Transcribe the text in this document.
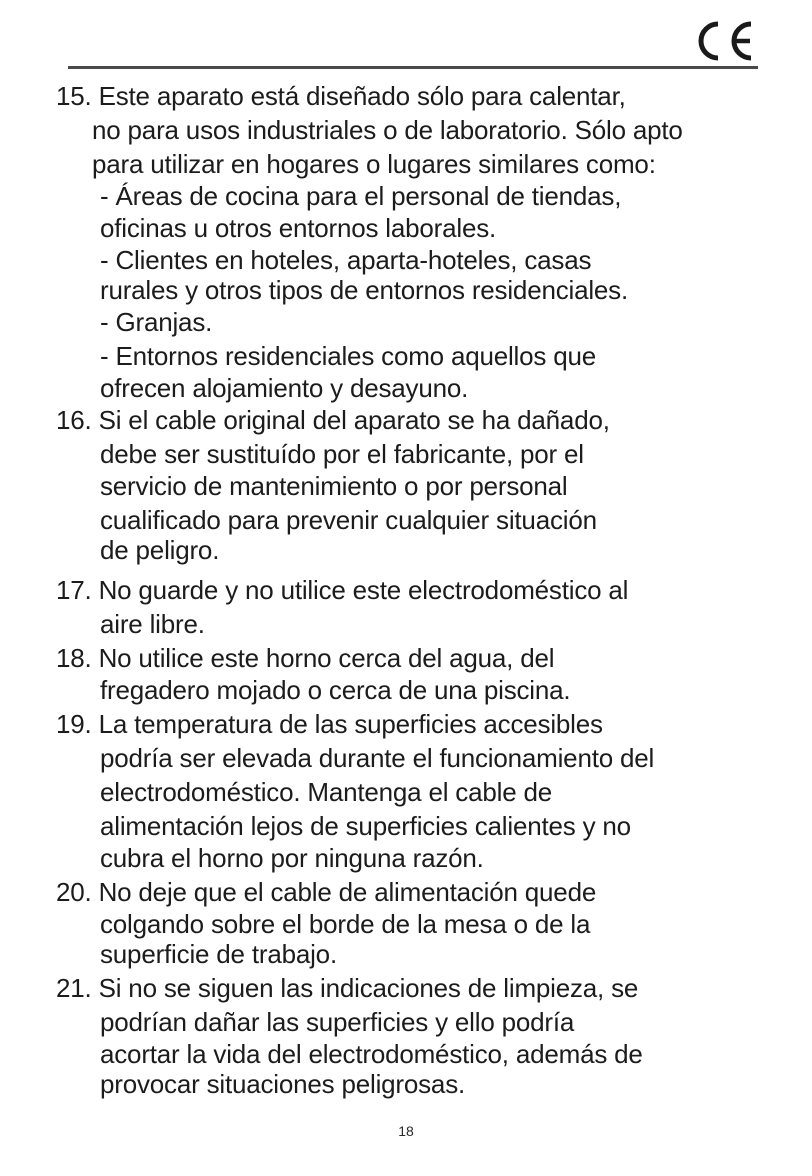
15. Este aparato está diseñado sólo para calentar,
no para usos industriales o de laboratorio. Sólo apto
para utilizar en hogares o lugares similares como:
- Áreas de cocina para el personal de tiendas,
oficinas u otros entornos laborales.
- Clientes en hoteles, aparta-hoteles, casas
rurales y otros tipos de entornos residenciales.
- Granjas.
- Entornos residenciales como aquellos que
ofrecen alojamiento y desayuno.
16. Si el cable original del aparato se ha dañado,
debe ser sustituído por el fabricante, por el
servicio de mantenimiento o por personal
cualificado para prevenir cualquier situación
de peligro.
17. No guarde y no utilice este electrodoméstico al
aire libre.
18. No utilice este horno cerca del agua, del
fregadero mojado o cerca de una piscina.
19. La temperatura de las superficies accesibles
podría ser elevada durante el funcionamiento del
electrodoméstico. Mantenga el cable de
alimentación lejos de superficies calientes y no
cubra el horno por ninguna razón.
20. No deje que el cable de alimentación quede
colgando sobre el borde de la mesa o de la
superficie de trabajo.
21. Si no se siguen las indicaciones de limpieza, se
podrían dañar las superficies y ello podría
acortar la vida del electrodoméstico, además de
provocar situaciones peligrosas.
18
